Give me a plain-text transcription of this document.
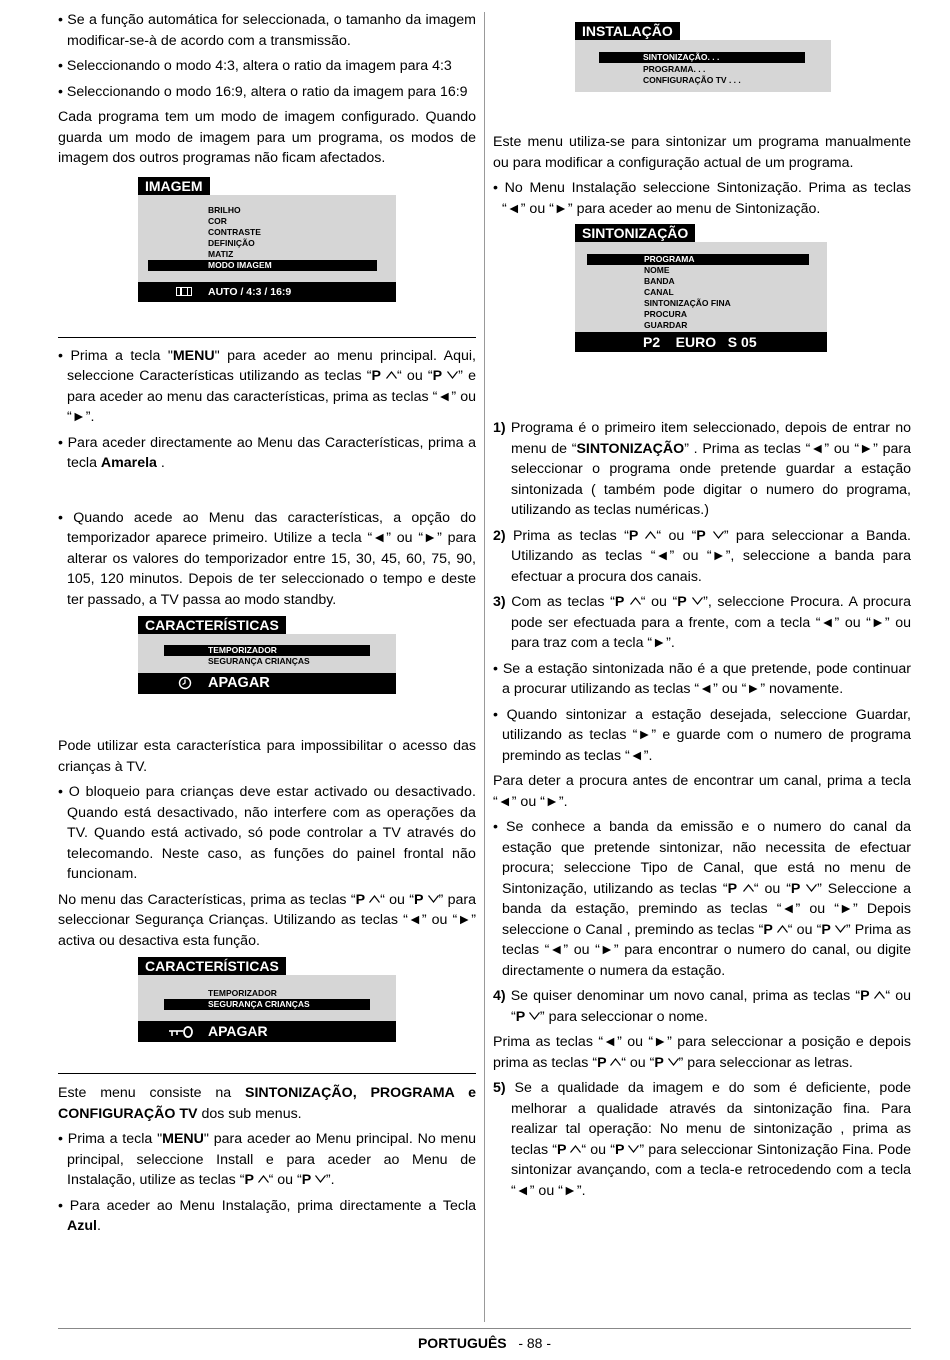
• Se a função automática for seleccionada, o tamanho da imagem modificar-se-à de acordo com a transmissão.

• Seleccionando o modo 4:3, altera o ratio da imagem para 4:3

• Seleccionando o modo 16:9, altera o ratio da imagem para 16:9

Cada programa tem um modo de imagem configurado. Quando guarda um modo de imagem para um programa, os modos de imagem dos outros programas não ficam afectados.

IMAGEM
BRILHO
COR
CONTRASTE
DEFINIÇÃO
MATIZ
MODO IMAGEM
AUTO / 4:3 / 16:9

• Prima a tecla "MENU" para aceder ao menu principal. Aqui, seleccione Características utilizando as teclas “P “ ou “P ” e para aceder ao menu das características, prima as teclas “◄” ou “►”.

• Para aceder directamente ao Menu das Características, prima a tecla Amarela .

• Quando acede ao Menu das características, a opção do temporizador aparece primeiro. Utilize a tecla “◄” ou “►” para alterar os valores do temporizador entre 15, 30, 45, 60, 75, 90, 105, 120 minutos. Depois de ter seleccionado o tempo e deste ter passado, a TV passa ao modo standby.

CARACTERÍSTICAS
TEMPORIZADOR
SEGURANÇA CRIANÇAS
APAGAR

Pode utilizar esta característica para impossibilitar o acesso das crianças à TV.

• O bloqueio para crianças deve estar activado ou desactivado. Quando está desactivado, não interfere com as operações da TV. Quando está activado, só pode controlar a TV através do telecomando. Neste caso, as funções do painel frontal não funcionam.

No menu das Características, prima as teclas “P “ ou “P ” para seleccionar Segurança Crianças. Utilizando as teclas “◄” ou “►” activa ou desactiva esta função.

CARACTERÍSTICAS
TEMPORIZADOR
SEGURANÇA CRIANÇAS
APAGAR

Este menu consiste na SINTONIZAÇÃO, PROGRAMA e CONFIGURAÇÃO TV dos sub menus.

• Prima a tecla "MENU" para aceder ao Menu principal. No menu principal, seleccione Install e para aceder ao Menu de Instalação, utilize as teclas “P “ ou “P ”.

• Para aceder ao Menu Instalação, prima directamente a Tecla Azul.

INSTALAÇÃO
SINTONIZAÇÃO. . .
PROGRAMA. . .
CONFIGURAÇÃO TV . . .

Este menu utiliza-se para sintonizar um programa manualmente ou para modificar a configuração actual de um programa.

• No Menu Instalação seleccione Sintonização. Prima as teclas “◄” ou “►” para aceder ao menu de Sintonização.

SINTONIZAÇÃO
PROGRAMA
NOME
BANDA
CANAL
SINTONIZAÇÃO FINA
PROCURA
GUARDAR
P2    EURO   S 05

1) Programa é o primeiro item seleccionado, depois de entrar no menu de “SINTONIZAÇÃO” . Prima as teclas “◄” ou “►” para seleccionar o programa onde pretende guardar a estação sintonizada ( também pode digitar o numero do programa, utilizando as teclas numéricas.)

2) Prima as teclas “P “ ou “P ” para seleccionar a Banda. Utilizando as teclas “◄” ou “►”, seleccione a banda para efectuar a procura dos canais.

3) Com as teclas “P “ ou “P ”, seleccione Procura. A procura pode ser efectuada para a frente, com a tecla “◄” ou “►” ou para traz com a tecla “►”.

• Se a estação sintonizada não é a que pretende, pode continuar a procurar utilizando as teclas “◄” ou “►” novamente.

• Quando sintonizar a estação desejada, seleccione Guardar, utilizando as teclas “►” e guarde com o numero de programa premindo as teclas “◄”.

Para deter a procura antes de encontrar um canal, prima a tecla “◄” ou “►”.

• Se conhece a banda da emissão e o numero do canal da estação que pretende sintonizar, não necessita de efectuar procura; seleccione Tipo de Canal, que está no menu de Sintonização, utilizando as teclas “P “ ou “P ” Seleccione a banda da estação, premindo as teclas “◄” ou “►” Depois seleccione o Canal , premindo as teclas “P “ ou “P ” Prima as teclas “◄” ou “►” para encontrar o numero do canal, ou digite directamente o numera da estação.

4) Se quiser denominar um novo canal, prima as teclas “P “ ou “P ” para seleccionar o nome.

Prima as teclas “◄” ou “►” para seleccionar a posição e depois prima as teclas “P “ ou “P ” para seleccionar as letras.

5) Se a qualidade da imagem e do som é deficiente, pode melhorar a qualidade através da sintonização fina. Para realizar tal operação: No menu de sintonização , prima as teclas “P “ ou “P ” para seleccionar Sintonização Fina. Pode sintonizar avançando, com a tecla-e retrocedendo com a tecla “◄” ou “►”.

PORTUGUÊS - 88 -
